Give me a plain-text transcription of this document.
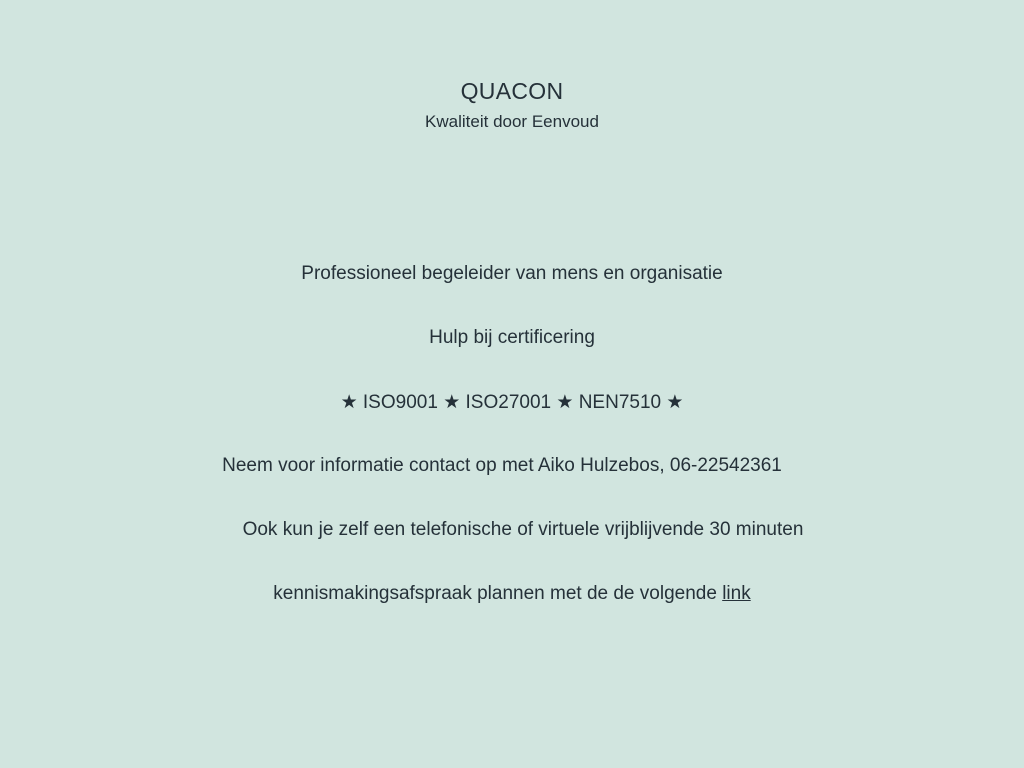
QUACON
Kwaliteit door Eenvoud
Professioneel begeleider van mens en organisatie
Hulp bij certificering
★ ISO9001 ★ ISO27001 ★ NEN7510 ★
Neem voor informatie contact op met Aiko Hulzebos, 06-22542361
Ook kun je zelf een telefonische of virtuele vrijblijvende 30 minuten
kennismakingsafspraak plannen met de de volgende link
